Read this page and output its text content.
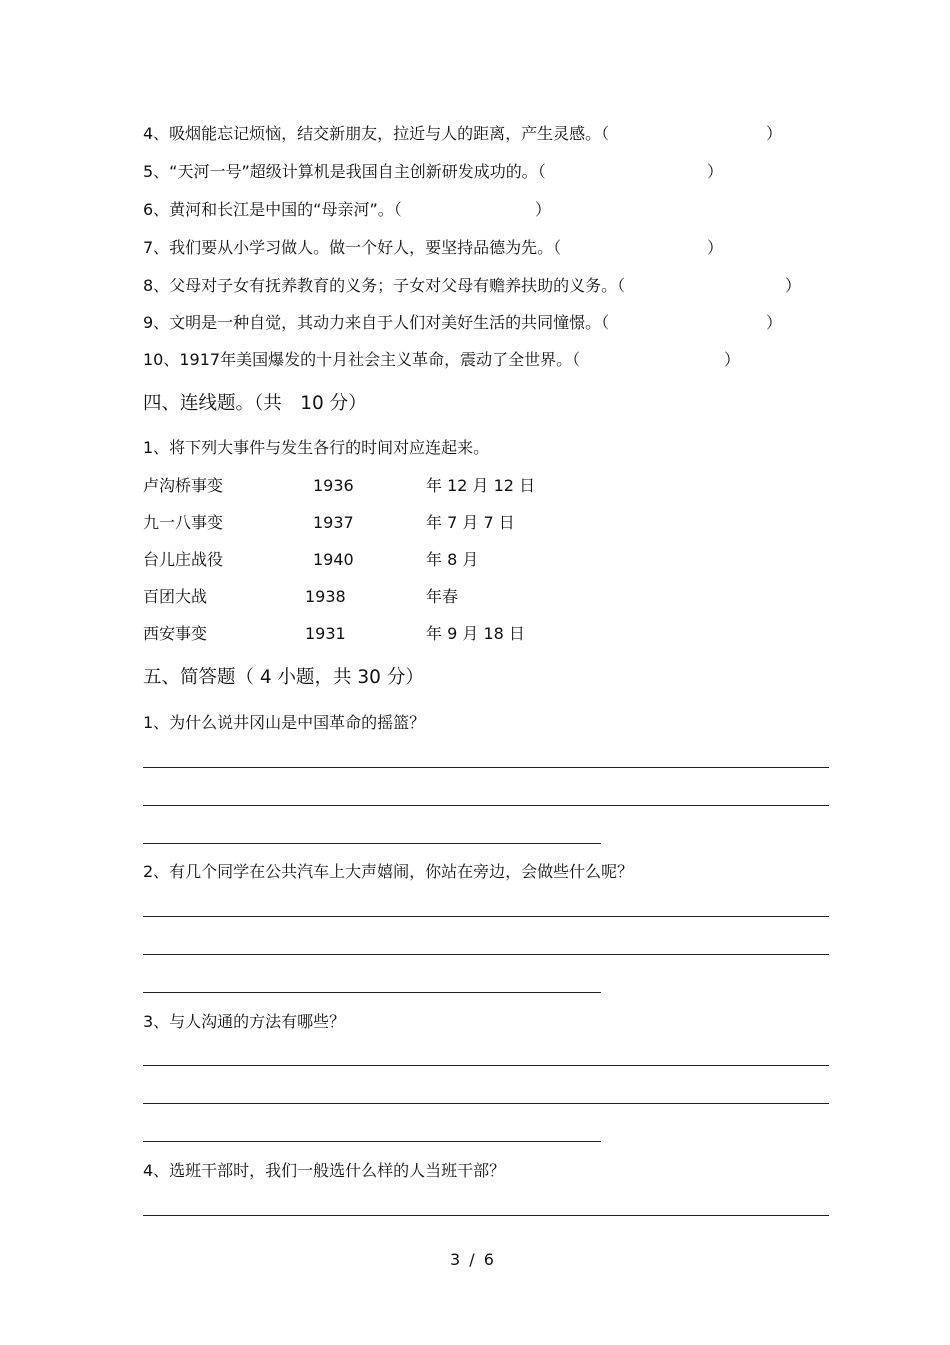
4、吸烟能忘记烦恼，结交新朋友，拉近与人的距离，产生灵感。（	）
5、“天河一号”超级计算机是我国自主创新研发成功的。（	）
6、黄河和长江是中国的“母亲河”。（	）
7、我们要从小学习做人。做一个好人，要坚持品德为先。（	）
8、父母对子女有抚养教育的义务；子女对父母有赡养扶助的义务。（	）
9、文明是一种自觉，其动力来自于人们对美好生活的共同憧憬。（	）
10、1917年美国爆发的十月社会主义革命，震动了全世界。（	）
四、连线题。（共　10 分）
1、将下列大事件与发生各行的时间对应连起来。
卢沟桥事变	1936	年 12 月 12 日
九一八事变	1937	年 7 月 7 日
台儿庄战役	1940	年 8 月
百团大战	1938	年春
西安事变	1931	年 9 月 18 日
五、简答题（ 4 小题，共 30 分）
1、为什么说井冈山是中国革命的摇篮？
2、有几个同学在公共汽车上大声嬉闹，你站在旁边，会做些什么呢？
3、与人沟通的方法有哪些？
4、选班干部时，我们一般选什么样的人当班干部？
3 / 6
